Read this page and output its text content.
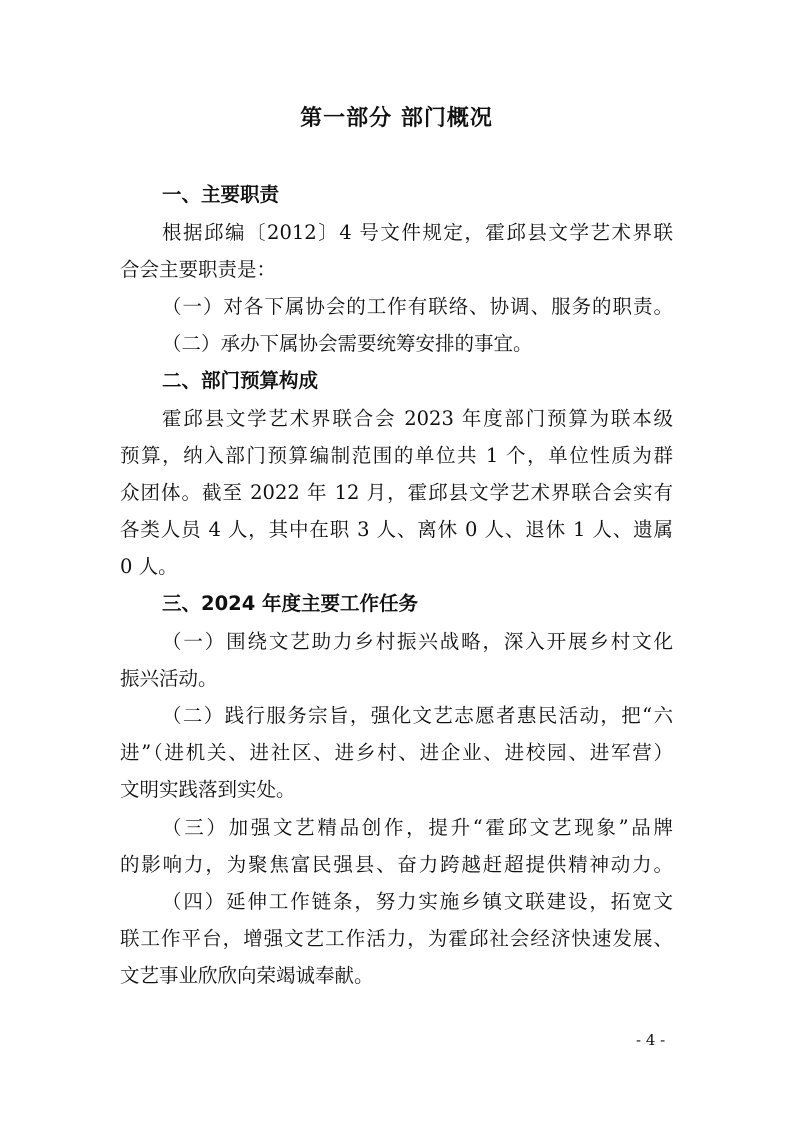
第一部分 部门概况
一、主要职责
根据邱编〔2012〕4 号文件规定，霍邱县文学艺术界联
合会主要职责是：
（一）对各下属协会的工作有联络、协调、服务的职责。
（二）承办下属协会需要统筹安排的事宜。
二、部门预算构成
霍邱县文学艺术界联合会 2023 年度部门预算为联本级
预算，纳入部门预算编制范围的单位共 1 个，单位性质为群
众团体。截至 2022 年 12 月，霍邱县文学艺术界联合会实有
各类人员 4 人，其中在职 3 人、离休 0 人、退休 1 人、遗属
0 人。
三、2024 年度主要工作任务
（一）围绕文艺助力乡村振兴战略，深入开展乡村文化
振兴活动。
（二）践行服务宗旨，强化文艺志愿者惠民活动，把“六
进”（进机关、进社区、进乡村、进企业、进校园、进军营）
文明实践落到实处。
（三）加强文艺精品创作，提升“霍邱文艺现象”品牌
的影响力，为聚焦富民强县、奋力跨越赶超提供精神动力。
（四）延伸工作链条，努力实施乡镇文联建设，拓宽文
联工作平台，增强文艺工作活力，为霍邱社会经济快速发展、
文艺事业欣欣向荣竭诚奉献。
- 4 -
